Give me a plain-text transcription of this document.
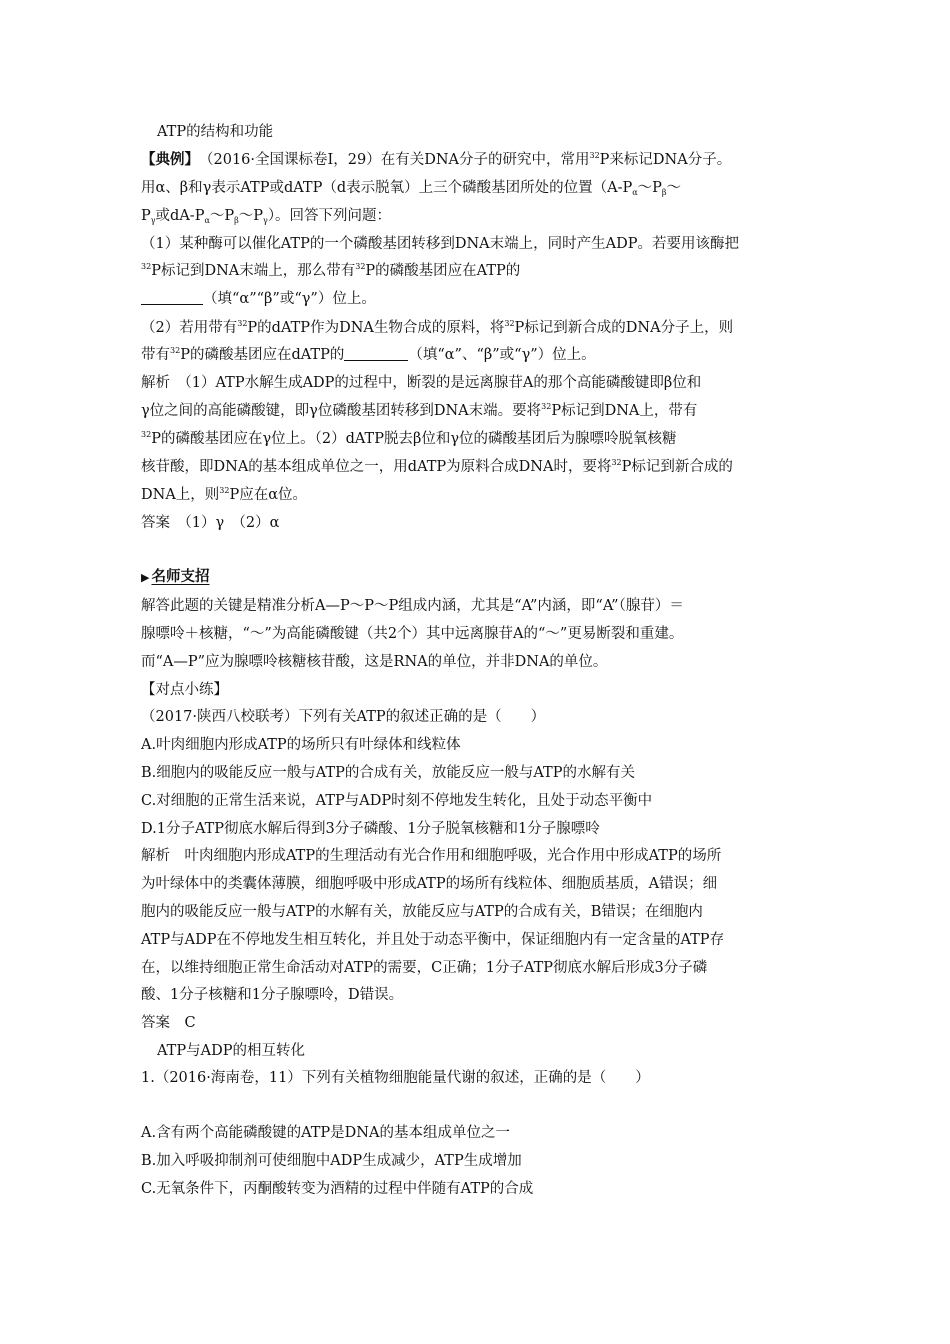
ATP的结构和功能
【典例】　 （2016·全国课标卷Ⅰ，29）在有关DNA分子的研究中，常用$^{32}$P来标记DNA分子。
用α、β和γ表示ATP或dATP（d表示脱氧）上三个磷酸基团所处的位置（$A-P_\alpha\sim P_\beta\sim$
$P_\gamma$或$dA-P_\alpha\sim P_\beta\sim P_\gamma$）。回答下列问题：
（1）某种酶可以催化ATP的一个磷酸基团转移到DNA末端上，同时产生ADP。若要用该酶把
$^{32}$P标记到DNA末端上，那么带有$^{32}$P的磷酸基团应在ATP的
（填“α”“β”或“γ”）位上。
（2）若用带有$^{32}$P的dATP作为DNA生物合成的原料，将$^{32}$P标记到新合成的DNA分子上，则
带有$^{32}$P的磷酸基团应在dATP的	（填“α”、“β”或“γ”）位上。
解析　（1）ATP水解生成ADP的过程中，断裂的是远离腺苷A的那个高能磷酸键即β位和
γ位之间的高能磷酸键，即γ位磷酸基团转移到DNA末端。要将$^{32}$P标记到DNA上，带有
$^{32}$P的磷酸基团应在γ位上。（2）dATP脱去β位和γ位的磷酸基团后为腺嘌呤脱氧核糖
核苷酸，即DNA的基本组成单位之一，用dATP为原料合成DNA时，要将$^{32}$P标记到新合成的
DNA上，则$^{32}$P应在α位。
答案　（1）γ　（2）α
▶ 名师支招
解答此题的关键是精准分析A—P～P～P组成内涵，尤其是“A”内涵，即“A”（腺苷）＝
腺嘌呤＋核糖，“～”为高能磷酸键（共2个）其中远离腺苷A的“～”更易断裂和重建。
而“A—P”应为腺嘌呤核糖核苷酸，这是RNA的单位，并非DNA的单位。
【对点小练】
（2017·陕西八校联考）下列有关ATP的叙述正确的是（　　）
A.叶肉细胞内形成ATP的场所只有叶绿体和线粒体
B.细胞内的吸能反应一般与ATP的合成有关，放能反应一般与ATP的水解有关
C.对细胞的正常生活来说，ATP与ADP时刻不停地发生转化，且处于动态平衡中
D.1分子ATP彻底水解后得到3分子磷酸、1分子脱氧核糖和1分子腺嘌呤
解析　叶肉细胞内形成ATP的生理活动有光合作用和细胞呼吸，光合作用中形成ATP的场所
为叶绿体中的类囊体薄膜，细胞呼吸中形成ATP的场所有线粒体、细胞质基质，A错误；细
胞内的吸能反应一般与ATP的水解有关，放能反应与ATP的合成有关，B错误；在细胞内
ATP与ADP在不停地发生相互转化，并且处于动态平衡中，保证细胞内有一定含量的ATP存
在，以维持细胞正常生命活动对ATP的需要，C正确；1分子ATP彻底水解后形成3分子磷
酸、1分子核糖和1分子腺嘌呤，D错误。
答案　C
ATP与ADP的相互转化
1.（2016·海南卷，11）下列有关植物细胞能量代谢的叙述，正确的是（　　）
A.含有两个高能磷酸键的ATP是DNA的基本组成单位之一
B.加入呼吸抑制剂可使细胞中ADP生成减少，ATP生成增加
C.无氧条件下，丙酮酸转变为酒精的过程中伴随有ATP的合成
